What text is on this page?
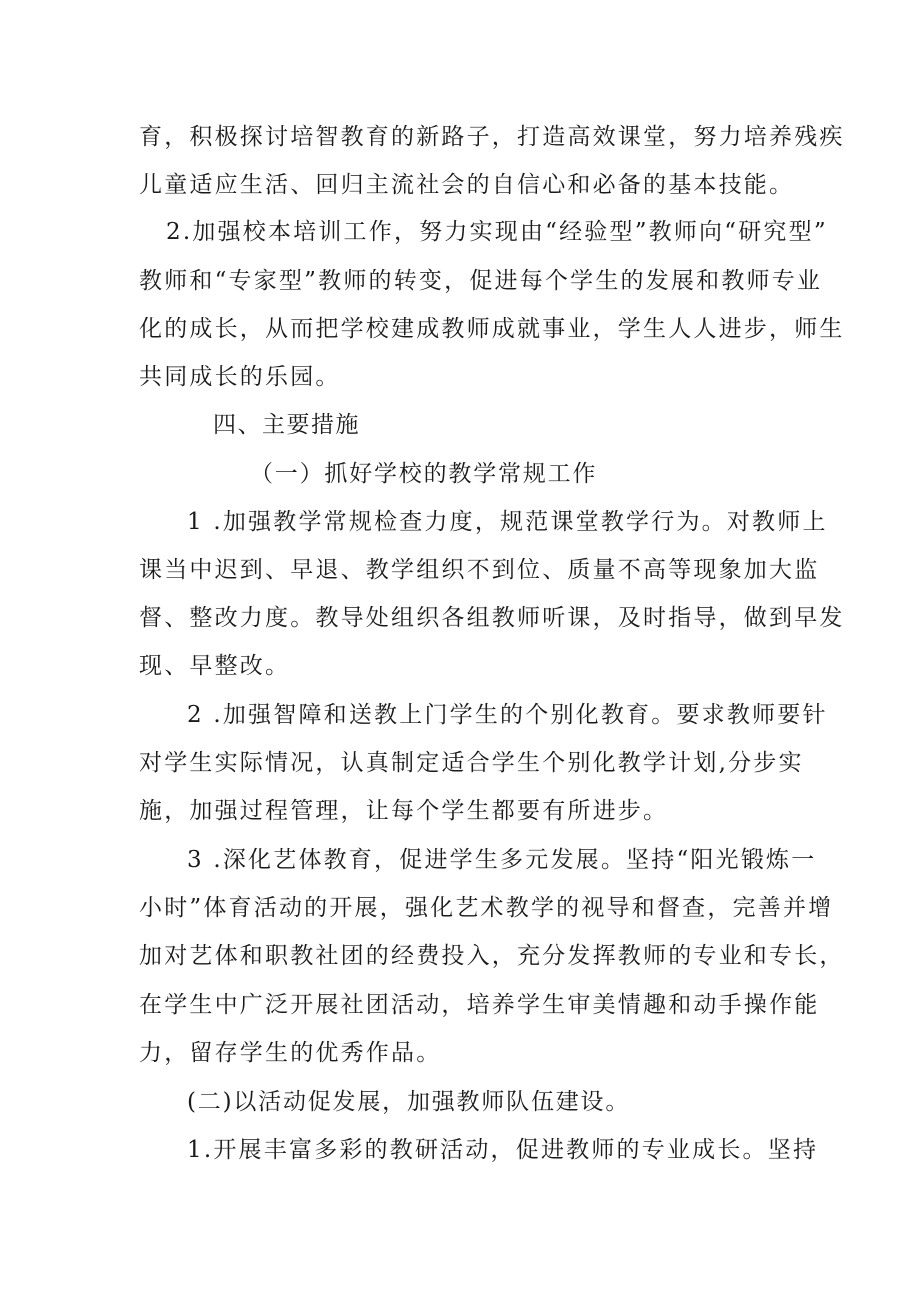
育，积极探讨培智教育的新路子，打造高效课堂，努力培养残疾
儿童适应生活、回归主流社会的自信心和必备的基本技能。
2.加强校本培训工作，努力实现由“经验型”教师向“研究型”
教师和“专家型”教师的转变，促进每个学生的发展和教师专业
化的成长，从而把学校建成教师成就事业，学生人人进步，师生
共同成长的乐园。
四、主要措施
（一）抓好学校的教学常规工作
1 .加强教学常规检查力度，规范课堂教学行为。对教师上
课当中迟到、早退、教学组织不到位、质量不高等现象加大监
督、整改力度。教导处组织各组教师听课，及时指导，做到早发
现、早整改。
2 .加强智障和送教上门学生的个别化教育。要求教师要针
对学生实际情况，认真制定适合学生个别化教学计划,分步实
施，加强过程管理，让每个学生都要有所进步。
3 .深化艺体教育，促进学生多元发展。坚持“阳光锻炼一
小时”体育活动的开展，强化艺术教学的视导和督查，完善并增
加对艺体和职教社团的经费投入，充分发挥教师的专业和专长，
在学生中广泛开展社团活动，培养学生审美情趣和动手操作能
力，留存学生的优秀作品。
(二)以活动促发展，加强教师队伍建设。
1.开展丰富多彩的教研活动，促进教师的专业成长。坚持
